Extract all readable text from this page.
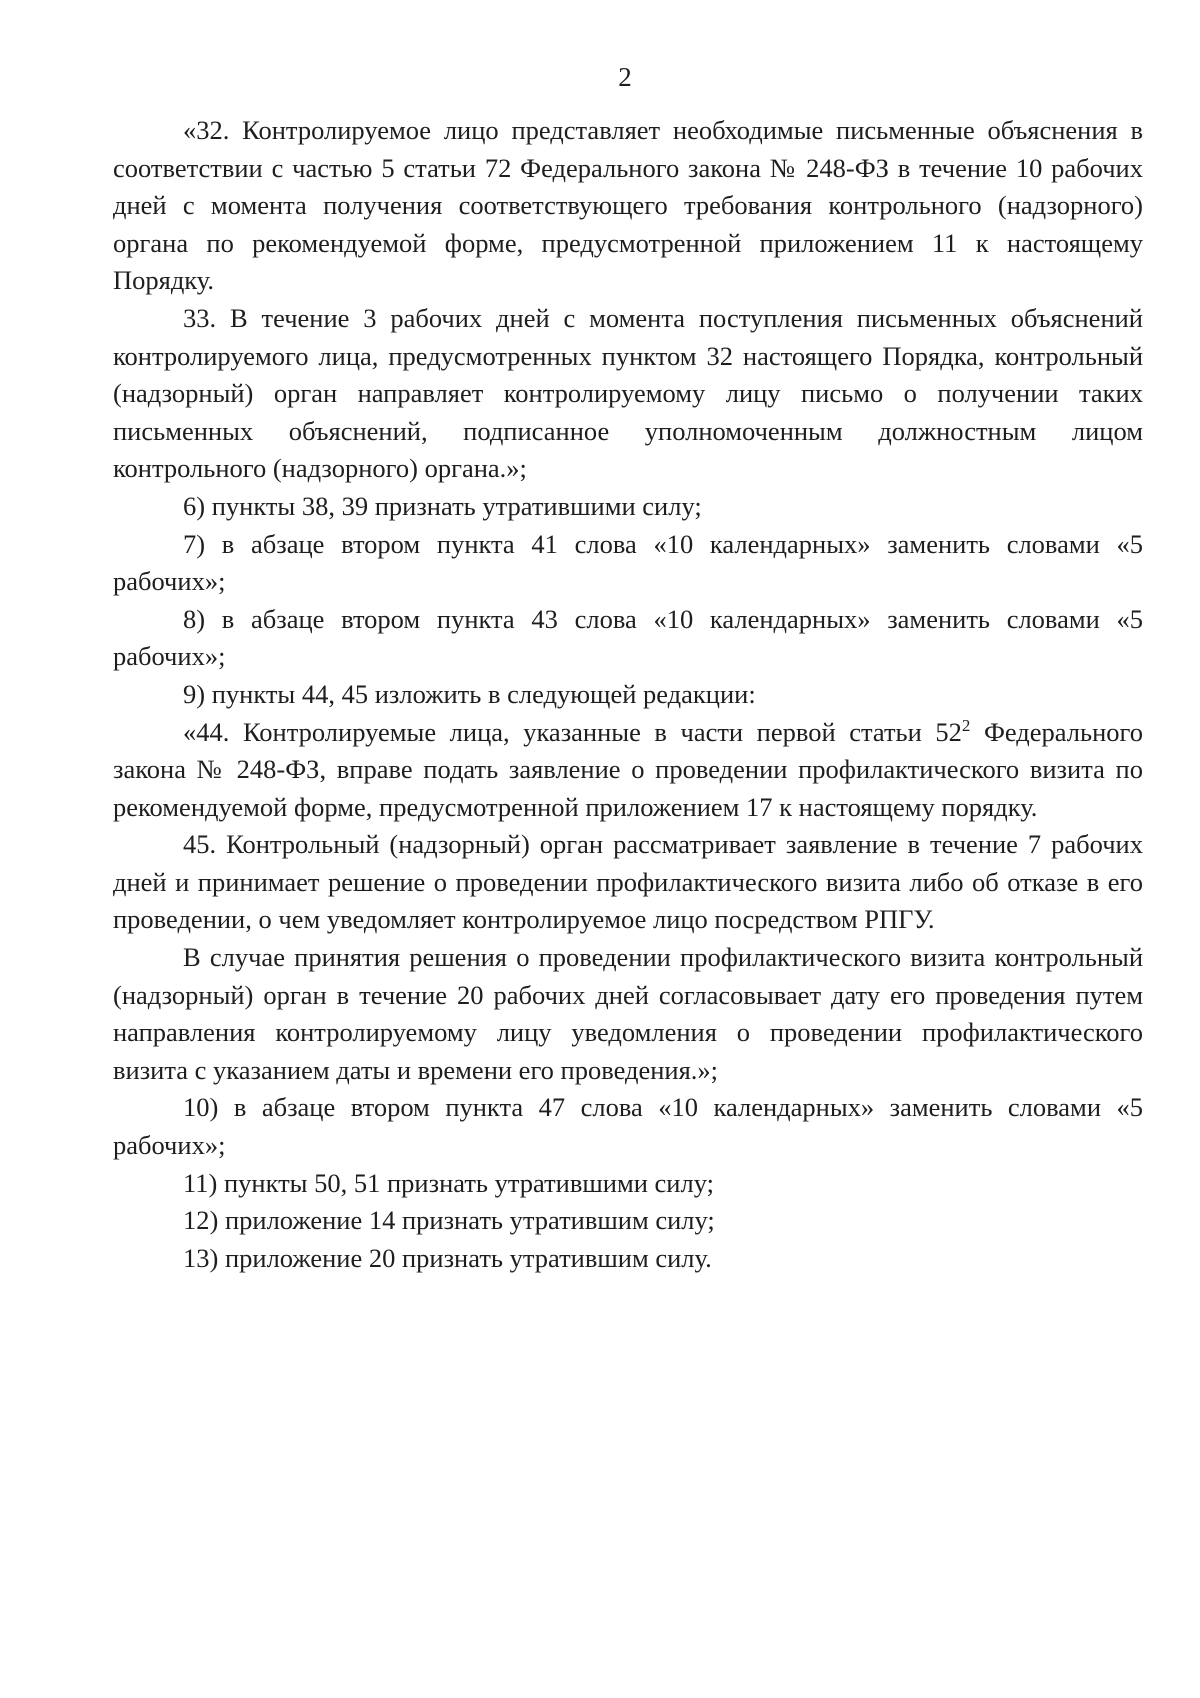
2

«32. Контролируемое лицо представляет необходимые письменные объяснения в соответствии с частью 5 статьи 72 Федерального закона № 248-ФЗ в течение 10 рабочих дней с момента получения соответствующего требования контрольного (надзорного) органа по рекомендуемой форме, предусмотренной приложением 11 к настоящему Порядку.

33. В течение 3 рабочих дней с момента поступления письменных объяснений контролируемого лица, предусмотренных пунктом 32 настоящего Порядка, контрольный (надзорный) орган направляет контролируемому лицу письмо о получении таких письменных объяснений, подписанное уполномоченным должностным лицом контрольного (надзорного) органа.»;

6) пункты 38, 39 признать утратившими силу;

7) в абзаце втором пункта 41 слова «10 календарных» заменить словами «5 рабочих»;

8) в абзаце втором пункта 43 слова «10 календарных» заменить словами «5 рабочих»;

9) пункты 44, 45 изложить в следующей редакции:

«44. Контролируемые лица, указанные в части первой статьи $52^2$ Федерального закона № 248-ФЗ, вправе подать заявление о проведении профилактического визита по рекомендуемой форме, предусмотренной приложением 17 к настоящему порядку.

45. Контрольный (надзорный) орган рассматривает заявление в течение 7 рабочих дней и принимает решение о проведении профилактического визита либо об отказе в его проведении, о чем уведомляет контролируемое лицо посредством РПГУ.

В случае принятия решения о проведении профилактического визита контрольный (надзорный) орган в течение 20 рабочих дней согласовывает дату его проведения путем направления контролируемому лицу уведомления о проведении профилактического визита с указанием даты и времени его проведения.»;

10) в абзаце втором пункта 47 слова «10 календарных» заменить словами «5 рабочих»;

11) пункты 50, 51 признать утратившими силу;

12) приложение 14 признать утратившим силу;

13) приложение 20 признать утратившим силу.
